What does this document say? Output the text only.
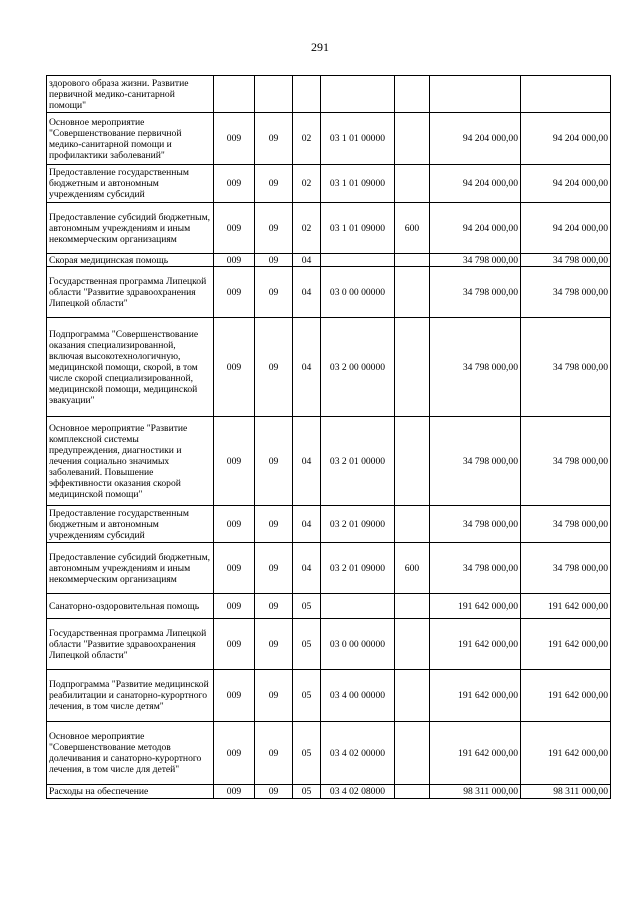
291
здорового образа жизни. Развитие первичной медико-санитарной помощи"							
Основное мероприятие "Совершенствование первичной медико-санитарной помощи и профилактики заболеваний"	009	09	02	03 1 01 00000		94 204 000,00	94 204 000,00
Предоставление государственным бюджетным и автономным учреждениям субсидий	009	09	02	03 1 01 09000		94 204 000,00	94 204 000,00
Предоставление субсидий бюджетным, автономным учреждениям и иным некоммерческим организациям	009	09	02	03 1 01 09000	600	94 204 000,00	94 204 000,00
Скорая медицинская помощь	009	09	04			34 798 000,00	34 798 000,00
Государственная программа Липецкой области "Развитие здравоохранения Липецкой области"	009	09	04	03 0 00 00000		34 798 000,00	34 798 000,00
Подпрограмма "Совершенствование оказания специализированной, включая высокотехнологичную, медицинской помощи, скорой, в том числе скорой специализированной, медицинской помощи, медицинской эвакуации"	009	09	04	03 2 00 00000		34 798 000,00	34 798 000,00
Основное мероприятие "Развитие комплексной системы предупреждения, диагностики и лечения социально значимых заболеваний. Повышение эффективности оказания скорой медицинской помощи"	009	09	04	03 2 01 00000		34 798 000,00	34 798 000,00
Предоставление государственным бюджетным и автономным учреждениям субсидий	009	09	04	03 2 01 09000		34 798 000,00	34 798 000,00
Предоставление субсидий бюджетным, автономным учреждениям и иным некоммерческим организациям	009	09	04	03 2 01 09000	600	34 798 000,00	34 798 000,00
Санаторно-оздоровительная помощь	009	09	05			191 642 000,00	191 642 000,00
Государственная программа Липецкой области "Развитие здравоохранения Липецкой области"	009	09	05	03 0 00 00000		191 642 000,00	191 642 000,00
Подпрограмма "Развитие медицинской реабилитации и санаторно-курортного лечения, в том числе детям"	009	09	05	03 4 00 00000		191 642 000,00	191 642 000,00
Основное мероприятие "Совершенствование методов долечивания и санаторно-курортного лечения, в том числе для детей"	009	09	05	03 4 02 00000		191 642 000,00	191 642 000,00
Расходы на обеспечение	009	09	05	03 4 02 08000		98 311 000,00	98 311 000,00
